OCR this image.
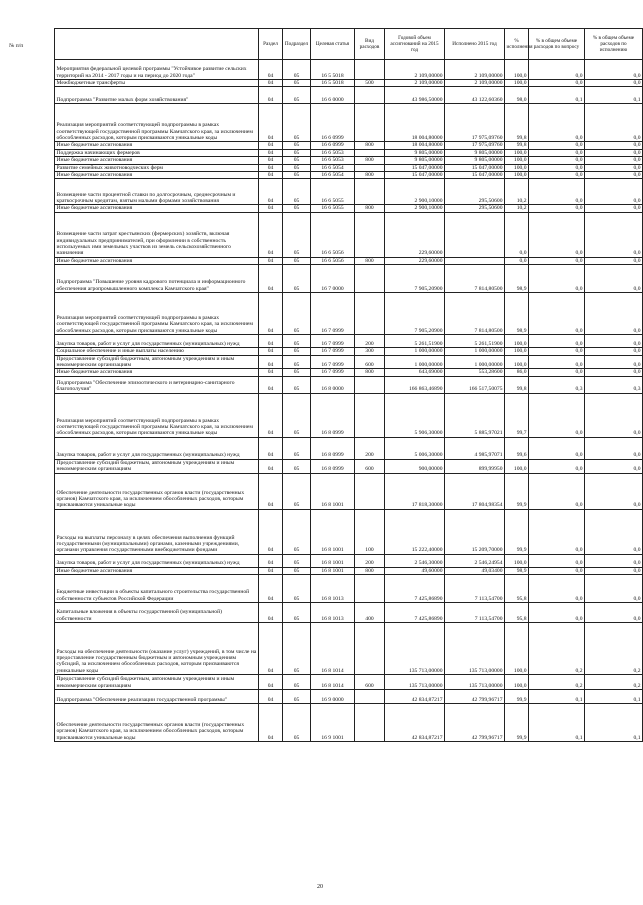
	Раздел	Подраздел	Целевая статья	Вид расходов	Годовой объем ассигнований на 2015 год	Исполнено 2015 год	% исполнения	% в общем объеме расходов по вопросу	% в общем объеме расходов по исполнению
Мероприятия федеральной целевой программы "Устойчивое развитие сельских территорий на 2014 - 2017 годы и на период до 2020 года"	04	05	16 5 5018		2 109,00000	2 109,00000	100,0	0,0	0,0
Межбюджетные трансферты	04	05	16 5 5018	500	2 109,00000	2 109,00000	100,0	0,0	0,0
Подпрограмма "Развитие малых форм хозяйствования"	04	05	16 6 0000		43 986,50000	43 122,60360	98,0	0,1	0,1
Реализация мероприятий соответствующей подпрограммы в рамках соответствующей государственной программы Камчатского края, за исключением обособленных расходов, которым присваиваются уникальные коды	04	05	16 6 0999		18 004,80000	17 975,09760	99,8	0,0	0,0
Иные бюджетные ассигнования	04	05	16 6 0999	800	18 004,80000	17 975,09760	99,8	0,0	0,0
Поддержка начинающих фермеров	04	05	16 6 5053		9 805,00000	9 805,00000	100,0	0,0	0,0
Иные бюджетные ассигнования	04	05	16 6 5053	800	9 805,00000	9 805,00000	100,0	0,0	0,0
Развитие семейных животноводческих ферм	04	05	16 6 5054		15 047,00000	15 047,00000	100,0	0,0	0,0
Иные бюджетные ассигнования	04	05	16 6 5054	800	15 047,00000	15 047,00000	100,0	0,0	0,0
Возмещение части процентной ставки по долгосрочным, среднесрочным и краткосрочным кредитам, взятым малыми формами хозяйствования	04	05	16 6 5055		2 900,10000	295,50600	10,2	0,0	0,0
Иные бюджетные ассигнования	04	05	16 6 5055	800	2 900,10000	295,50600	10,2	0,0	0,0
Возмещение части затрат крестьянских (фермерских) хозяйств, включая индивидуальных предпринимателей, при оформлении в собственность используемых ими земельных участков из земель сельскохозяйственного назначения	04	05	16 6 5056		229,60000		0,0	0,0	0,0
Иные бюджетные ассигнования	04	05	16 6 5056	800	229,60000		0,0	0,0	0,0
Подпрограмма "Повышение уровня кадрового потенциала и информационного обеспечения агропромышленного комплекса Камчатского края"	04	05	16 7 0000		7 905,20900	7 814,80500	98,9	0,0	0,0
Реализация мероприятий соответствующей подпрограммы в рамках соответствующей государственной программы Камчатского края, за исключением обособленных расходов, которым присваиваются уникальные коды	04	05	16 7 0999		7 905,20900	7 814,80500	98,9	0,0	0,0
Закупка товаров, работ и услуг для государственных (муниципальных) нужд	04	05	16 7 0999	200	5 261,51900	5 261,51900	100,0	0,0	0,0
Социальное обеспечение и иные выплаты населению	04	05	16 7 0999	300	1 000,00000	1 000,00000	100,0	0,0	0,0
Предоставление субсидий бюджетным, автономным учреждениям и иным некоммерческим организациям	04	05	16 7 0999	600	1 000,00000	1 000,00000	100,0	0,0	0,0
Иные бюджетные ассигнования	04	05	16 7 0999	800	643,69000	553,28600	86,0	0,0	0,0
Подпрограмма "Обеспечение эпизоотического и ветеринарно-санитарного благополучия"	04	05	16 8 0000		166 863,46890	166 517,50075	99,8	0,3	0,3
Реализация мероприятий соответствующей подпрограммы в рамках соответствующей государственной программы Камчатского края, за исключением обособленных расходов, которым присваиваются уникальные коды	04	05	16 8 0999		5 906,30000	5 885,97021	99,7	0,0	0,0
Закупка товаров, работ и услуг для государственных (муниципальных) нужд	04	05	16 8 0999	200	5 006,30000	4 985,97071	99,6	0,0	0,0
Предоставление субсидий бюджетным, автономным учреждениям и иным некоммерческим организациям	04	05	16 8 0999	600	900,00000	899,99950	100,0	0,0	0,0
Обеспечение деятельности государственных органов власти (государственных органов) Камчатского края, за исключением обособленных расходов, которым присваиваются уникальные коды	04	05	16 8 1001		17 818,30000	17 804,98354	99,9	0,0	0,0
Расходы на выплаты персоналу в целях обеспечения выполнения функций государственными (муниципальными) органами, казенными учреждениями, органами управления государственными внебюджетными фондами	04	05	16 8 1001	100	15 222,40000	15 209,70000	99,9	0,0	0,0
Закупка товаров, работ и услуг для государственных (муниципальных) нужд	04	05	16 8 1001	200	2 546,30000	2 546,24954	100,0	0,0	0,0
Иные бюджетные ассигнования	04	05	16 8 1001	800	49,60000	49,03400	98,9	0,0	0,0
Бюджетные инвестиции в объекты капитального строительства государственной собственности субъектов Российской Федерации	04	05	16 8 1013		7 425,86890	7 113,54700	95,8	0,0	0,0
Капитальные вложения в объекты государственной (муниципальной) собственности	04	05	16 8 1013	400	7 425,86890	7 113,54700	95,8	0,0	0,0
Расходы на обеспечение деятельности (оказание услуг) учреждений, в том числе на предоставление государственным бюджетным и автономным учреждениям субсидий, за исключением обособленных расходов, которым присваиваются уникальные коды	04	05	16 8 1014		135 713,00000	135 713,00000	100,0	0,2	0,2
Предоставление субсидий бюджетным, автономным учреждениям и иным некоммерческим организациям	04	05	16 8 1014	600	135 713,00000	135 713,00000	100,0	0,2	0,2
Подпрограмма "Обеспечение реализации государственной программы"	04	05	16 9 0000		42 834,87217	42 799,96717	99,9	0,1	0,1
Обеспечение деятельности государственных органов власти (государственных органов) Камчатского края, за исключением обособленных расходов, которым присваиваются уникальные коды	04	05	16 9 1001		42 834,87217	42 799,96717	99,9	0,1	0,1
№ п/п
20
